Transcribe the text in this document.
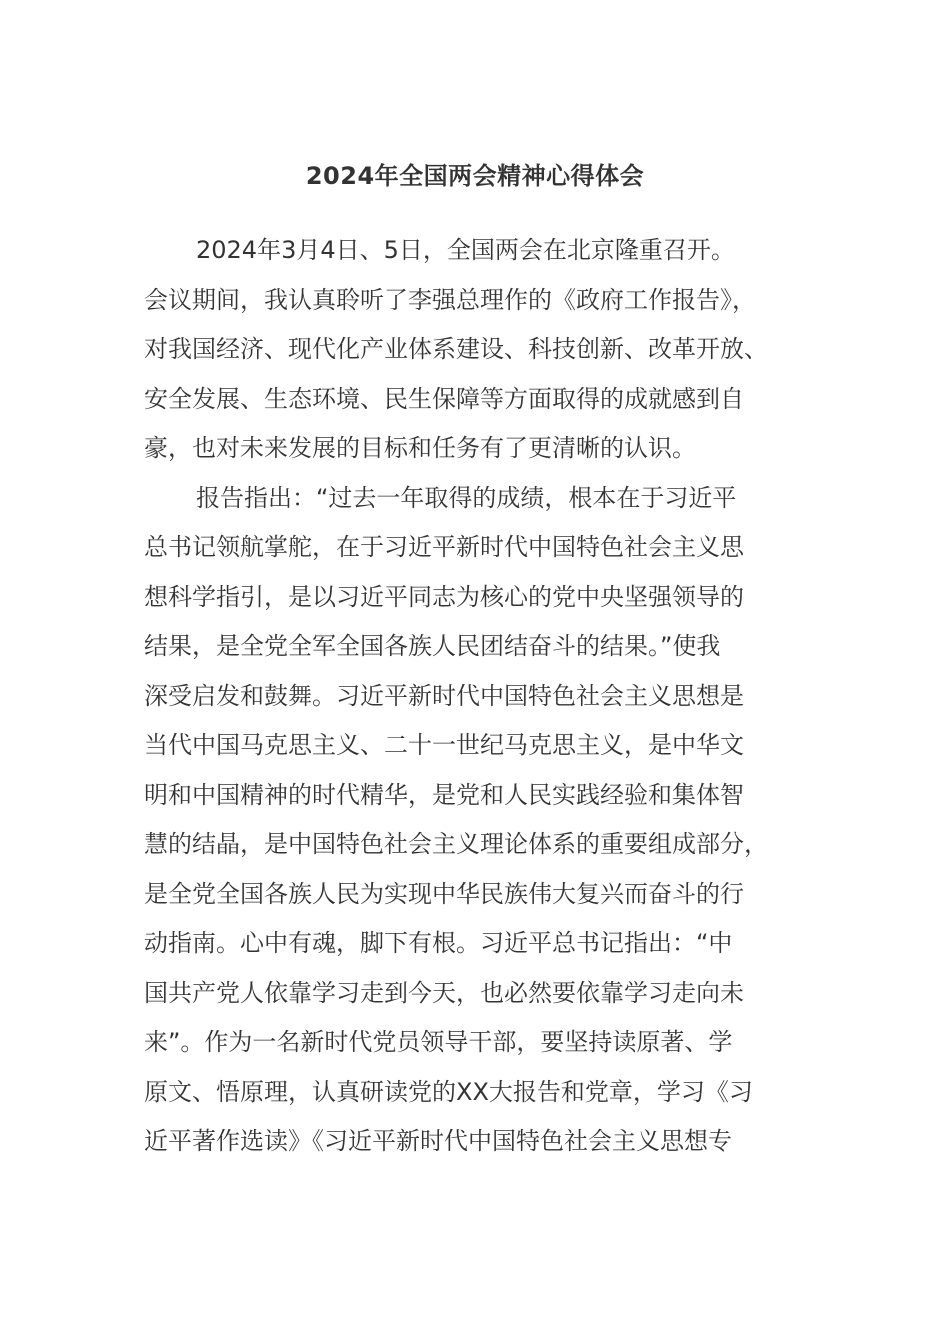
2024年全国两会精神心得体会
2024年3月4日、5日，全国两会在北京隆重召开。
会议期间，我认真聆听了李强总理作的《政府工作报告》，
对我国经济、现代化产业体系建设、科技创新、改革开放、
安全发展、生态环境、民生保障等方面取得的成就感到自
豪，也对未来发展的目标和任务有了更清晰的认识。
报告指出：“过去一年取得的成绩，根本在于习近平
总书记领航掌舵，在于习近平新时代中国特色社会主义思
想科学指引，是以习近平同志为核心的党中央坚强领导的
结果，是全党全军全国各族人民团结奋斗的结果。”使我
深受启发和鼓舞。习近平新时代中国特色社会主义思想是
当代中国马克思主义、二十一世纪马克思主义，是中华文
明和中国精神的时代精华，是党和人民实践经验和集体智
慧的结晶，是中国特色社会主义理论体系的重要组成部分，
是全党全国各族人民为实现中华民族伟大复兴而奋斗的行
动指南。心中有魂，脚下有根。习近平总书记指出：“中
国共产党人依靠学习走到今天，也必然要依靠学习走向未
来”。作为一名新时代党员领导干部，要坚持读原著、学
原文、悟原理，认真研读党的XX大报告和党章，学习《习
近平著作选读》《习近平新时代中国特色社会主义思想专
